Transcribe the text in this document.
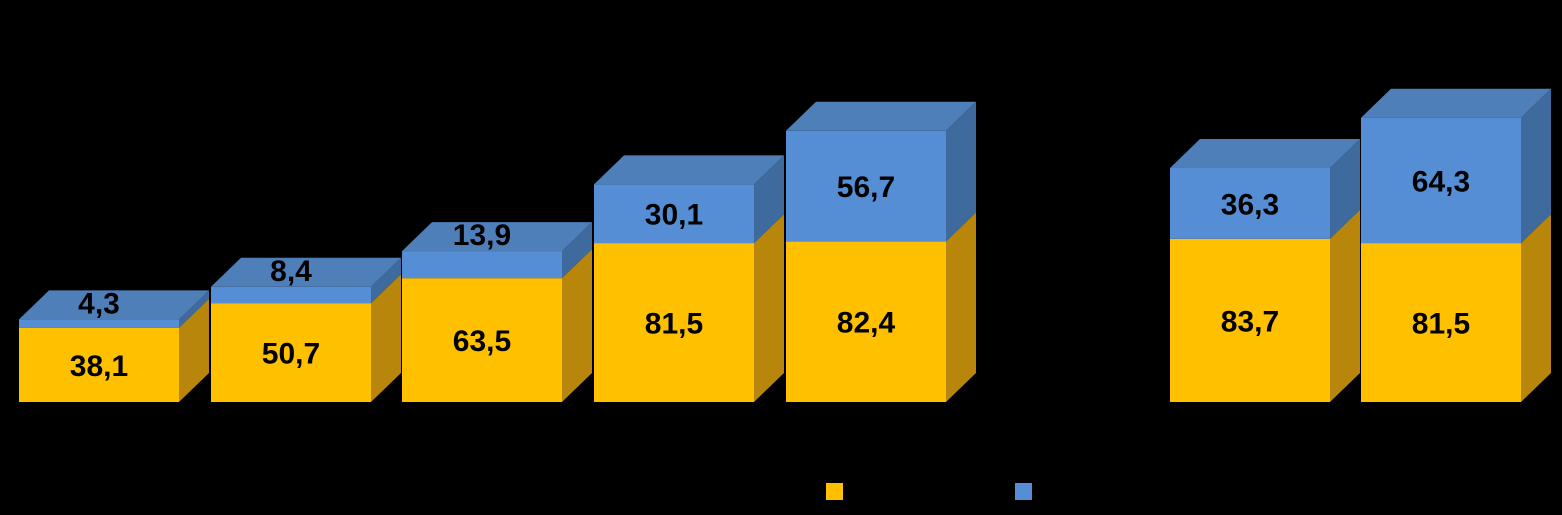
38,1
4,3
50,7
8,4
63,5
13,9
81,5
30,1
82,4
56,7
83,7
36,3
81,5
64,3
